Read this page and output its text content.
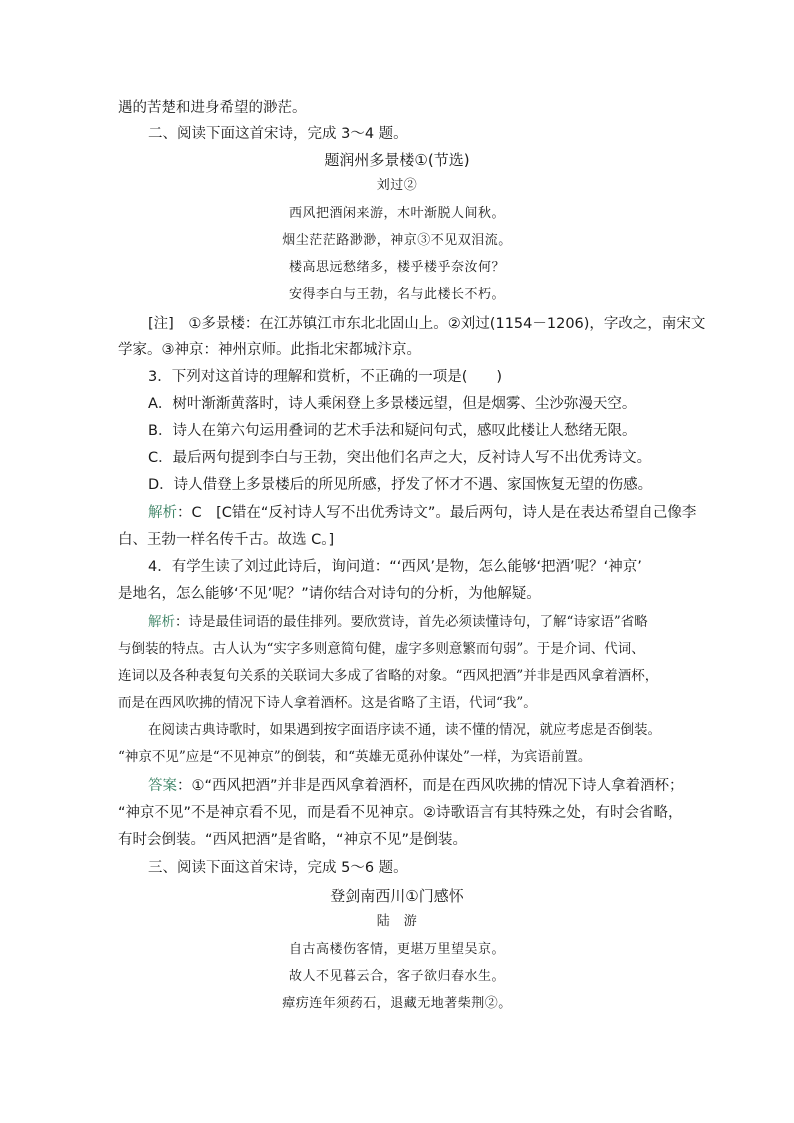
遇的苦楚和进身希望的渺茫。
二、阅读下面这首宋诗，完成 3～4 题。
题润州多景楼①(节选)
刘过②
西风把酒闲来游，木叶渐脱人间秋。
烟尘茫茫路渺渺，神京③不见双泪流。
楼高思远愁绪多，楼乎楼乎奈汝何？
安得李白与王勃，名与此楼长不朽。
[注]　①多景楼：在江苏镇江市东北北固山上。②刘过(1154－1206)，字改之，南宋文
学家。③神京：神州京师。此指北宋都城汴京。
3．下列对这首诗的理解和赏析，不正确的一项是(　　)
A．树叶渐渐黄落时，诗人乘闲登上多景楼远望，但是烟雾、尘沙弥漫天空。
B．诗人在第六句运用叠词的艺术手法和疑问句式，感叹此楼让人愁绪无限。
C．最后两句提到李白与王勃，突出他们名声之大，反衬诗人写不出优秀诗文。
D．诗人借登上多景楼后的所见所感，抒发了怀才不遇、家国恢复无望的伤感。
解析：C　[C错在“反衬诗人写不出优秀诗文”。最后两句，诗人是在表达希望自己像李
白、王勃一样名传千古。故选 C。]
4．有学生读了刘过此诗后，询问道：“‘西风’是物，怎么能够‘把酒’呢？‘神京’
是地名，怎么能够‘不见’呢？”请你结合对诗句的分析，为他解疑。
解析：诗是最佳词语的最佳排列。要欣赏诗，首先必须读懂诗句，了解“诗家语”省略
与倒装的特点。古人认为“实字多则意简句健，虚字多则意繁而句弱”。于是介词、代词、
连词以及各种表复句关系的关联词大多成了省略的对象。“西风把酒”并非是西风拿着酒杯，
而是在西风吹拂的情况下诗人拿着酒杯。这是省略了主语，代词“我”。
在阅读古典诗歌时，如果遇到按字面语序读不通，读不懂的情况，就应考虑是否倒装。
“神京不见”应是“不见神京”的倒装，和“英雄无觅孙仲谋处”一样，为宾语前置。
答案：①“西风把酒”并非是西风拿着酒杯，而是在西风吹拂的情况下诗人拿着酒杯；
“神京不见”不是神京看不见，而是看不见神京。②诗歌语言有其特殊之处，有时会省略，
有时会倒装。“西风把酒”是省略，“神京不见”是倒装。
三、阅读下面这首宋诗，完成 5～6 题。
登剑南西川①门感怀
陆　游
自古高楼伤客情，更堪万里望吴京。
故人不见暮云合，客子欲归春水生。
瘴疠连年须药石，退藏无地著柴荆②。
